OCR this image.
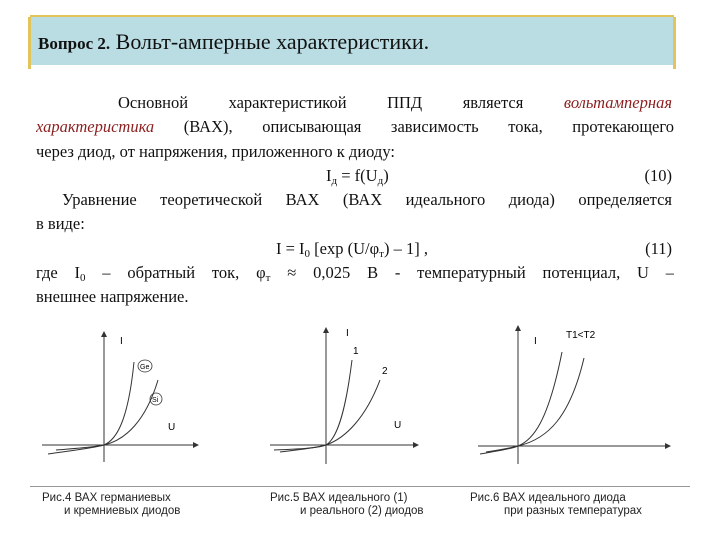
Вопрос 2. Вольт-амперные характеристики.
Основной характеристикой ППД является вольтамперная
характеристика (ВАХ), описывающая зависимость тока, протекающего
через диод, от напряжения, приложенного к диоду:
$I_д = f(U_д)$	(10)
Уравнение теоретической ВАХ (ВАХ идеального диода) определяется
в виде:
$I = I_0$ [exp $(U/\varphi_т) - 1$] ,	(11)
где $I_0$ – обратный ток, $\varphi_т \approx 0,025$ В - температурный потенциал, U –
внешнее напряжение.
I
U
Ge
Si
I
U
1
2
I
T1<T2
Рис.4 ВАХ германиевых
и кремниевых диодов
Рис.5 ВАХ идеального (1)
и реального (2) диодов
Рис.6 ВАХ идеального диода
при разных температурах
